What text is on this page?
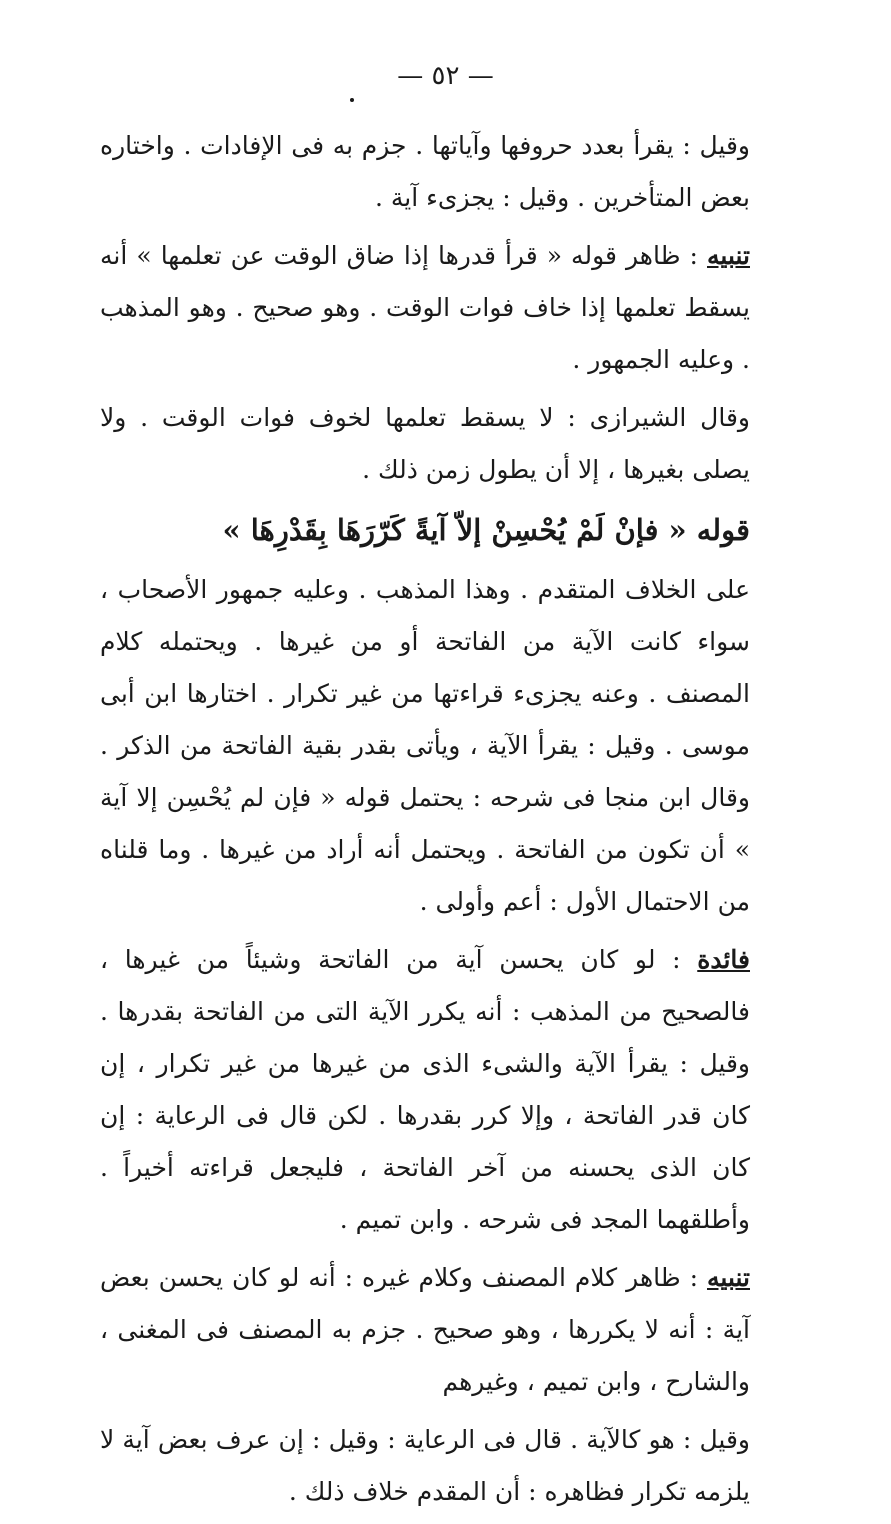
— ٥٢ —

وقيل : يقرأ بعدد حروفها وآياتها . جزم به فى الإفادات . واختاره بعض المتأخرين . وقيل : يجزىء آية .

تنبيه : ظاهر قوله « قرأ قدرها إذا ضاق الوقت عن تعلمها » أنه يسقط تعلمها إذا خاف فوات الوقت . وهو صحيح . وهو المذهب . وعليه الجمهور .

وقال الشيرازى : لا يسقط تعلمها لخوف فوات الوقت . ولا يصلى بغيرها ، إلا أن يطول زمن ذلك .

قوله « فإنْ لَمْ يُحْسِنْ إلاّ آيةً كَرّرَهَا بِقَدْرِهَا »

على الخلاف المتقدم . وهذا المذهب . وعليه جمهور الأصحاب ، سواء كانت الآية من الفاتحة أو من غيرها . ويحتمله كلام المصنف . وعنه يجزىء قراءتها من غير تكرار . اختارها ابن أبى موسى . وقيل : يقرأ الآية ، ويأتى بقدر بقية الفاتحة من الذكر . وقال ابن منجا فى شرحه : يحتمل قوله « فإن لم يُحْسِن إلا آية » أن تكون من الفاتحة . ويحتمل أنه أراد من غيرها . وما قلناه من الاحتمال الأول : أعم وأولى .

فائدة : لو كان يحسن آية من الفاتحة وشيئاً من غيرها ، فالصحيح من المذهب : أنه يكرر الآية التى من الفاتحة بقدرها . وقيل : يقرأ الآية والشىء الذى من غيرها من غير تكرار ، إن كان قدر الفاتحة ، وإلا كرر بقدرها . لكن قال فى الرعاية : إن كان الذى يحسنه من آخر الفاتحة ، فليجعل قراءته أخيراً . وأطلقهما المجد فى شرحه . وابن تميم .

تنبيه : ظاهر كلام المصنف وكلام غيره : أنه لو كان يحسن بعض آية : أنه لا يكررها ، وهو صحيح . جزم به المصنف فى المغنى ، والشارح ، وابن تميم ، وغيرهم

وقيل : هو كالآية . قال فى الرعاية : وقيل : إن عرف بعض آية لا يلزمه تكرار فظاهره : أن المقدم خلاف ذلك .
